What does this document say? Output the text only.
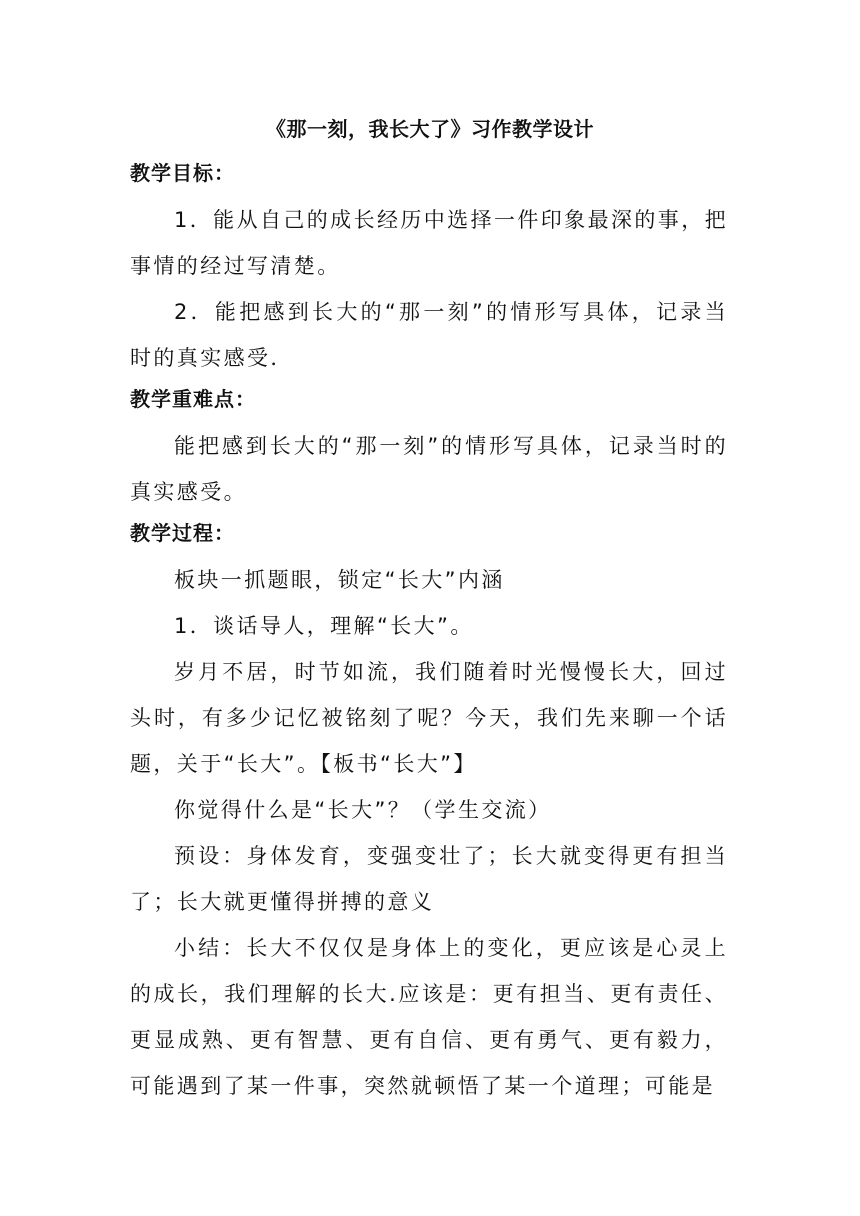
《那一刻，我长大了》习作教学设计
教学目标：

1．能从自己的成长经历中选择一件印象最深的事，把事情的经过写清楚。

2．能把感到长大的“那一刻”的情形写具体，记录当时的真实感受．

教学重难点：

能把感到长大的“那一刻”的情形写具体，记录当时的真实感受。

教学过程：

板块一抓题眼，锁定“长大”内涵

1．谈话导人，理解“长大”。

岁月不居，时节如流，我们随着时光慢慢长大，回过头时，有多少记忆被铭刻了呢？今天，我们先来聊一个话题，关于“长大”。【板书“长大”】

你觉得什么是“长大”？（学生交流）

预设：身体发育，变强变壮了；长大就变得更有担当了；长大就更懂得拼搏的意义

小结：长大不仅仅是身体上的变化，更应该是心灵上的成长，我们理解的长大.应该是：更有担当、更有责任、更显成熟、更有智慧、更有自信、更有勇气、更有毅力，可能遇到了某一件事，突然就顿悟了某一个道理；可能是
